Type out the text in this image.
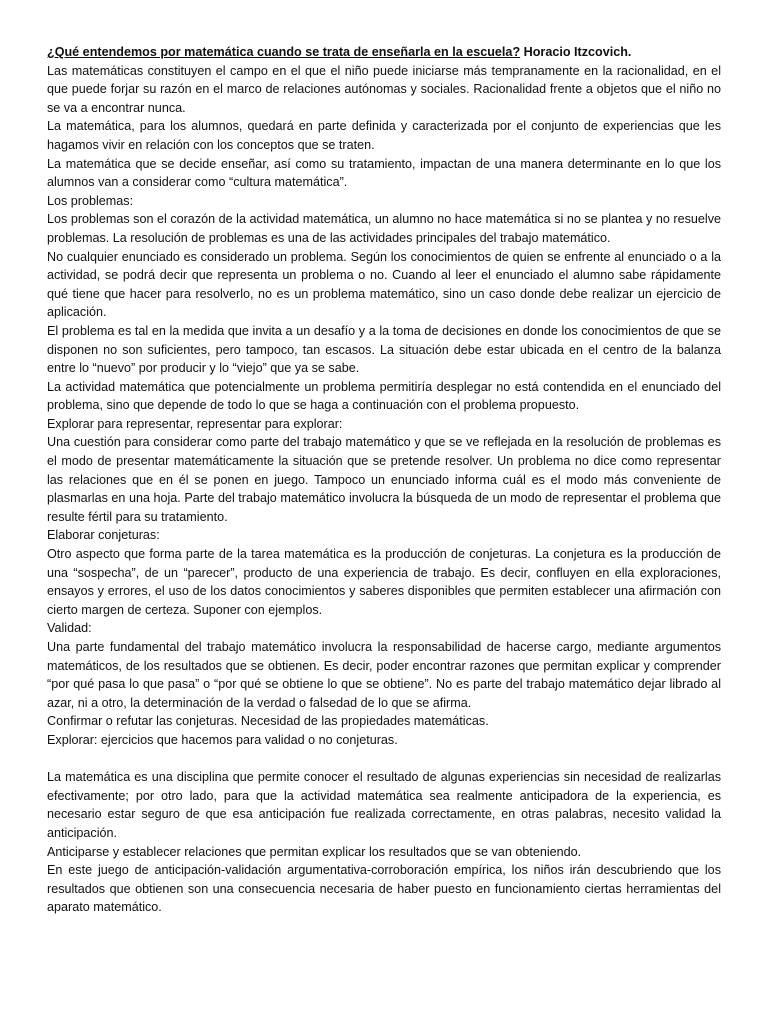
¿Qué entendemos por matemática cuando se trata de enseñarla en la escuela? Horacio Itzcovich.

Las matemáticas constituyen el campo en el que el niño puede iniciarse más tempranamente en la racionalidad, en el que puede forjar su razón en el marco de relaciones autónomas y sociales. Racionalidad frente a objetos que el niño no se va a encontrar nunca.

La matemática, para los alumnos, quedará en parte definida y caracterizada por el conjunto de experiencias que les hagamos vivir en relación con los conceptos que se traten.

La matemática que se decide enseñar, así como su tratamiento, impactan de una manera determinante en lo que los alumnos van a considerar como “cultura matemática”.

Los problemas:

Los problemas son el corazón de la actividad matemática, un alumno no hace matemática si no se plantea y no resuelve problemas. La resolución de problemas es una de las actividades principales del trabajo matemático.

No cualquier enunciado es considerado un problema. Según los conocimientos de quien se enfrente al enunciado o a la actividad, se podrá decir que representa un problema o no. Cuando al leer el enunciado el alumno sabe rápidamente qué tiene que hacer para resolverlo, no es un problema matemático, sino un caso donde debe realizar un ejercicio de aplicación.

El problema es tal en la medida que invita a un desafío y a la toma de decisiones en donde los conocimientos de que se disponen no son suficientes, pero tampoco, tan escasos. La situación debe estar ubicada en el centro de la balanza entre lo “nuevo” por producir y lo “viejo” que ya se sabe.

La actividad matemática que potencialmente un problema permitiría desplegar no está contendida en el enunciado del problema, sino que depende de todo lo que se haga a continuación con el problema propuesto.

Explorar para representar, representar para explorar:

Una cuestión para considerar como parte del trabajo matemático y que se ve reflejada en la resolución de problemas es el modo de presentar matemáticamente la situación que se pretende resolver. Un problema no dice como representar las relaciones que en él se ponen en juego. Tampoco un enunciado informa cuál es el modo más conveniente de plasmarlas en una hoja. Parte del trabajo matemático involucra la búsqueda de un modo de representar el problema que resulte fértil para su tratamiento.

Elaborar conjeturas:

Otro aspecto que forma parte de la tarea matemática es la producción de conjeturas. La conjetura es la producción de una “sospecha”, de un “parecer”, producto de una experiencia de trabajo. Es decir, confluyen en ella exploraciones, ensayos y errores, el uso de los datos conocimientos y saberes disponibles que permiten establecer una afirmación con cierto margen de certeza. Suponer con ejemplos.

Validad:

Una parte fundamental del trabajo matemático involucra la responsabilidad de hacerse cargo, mediante argumentos matemáticos, de los resultados que se obtienen. Es decir, poder encontrar razones que permitan explicar y comprender “por qué pasa lo que pasa” o “por qué se obtiene lo que se obtiene”. No es parte del trabajo matemático dejar librado al azar, ni a otro, la determinación de la verdad o falsedad de lo que se afirma.

Confirmar o refutar las conjeturas. Necesidad de las propiedades matemáticas.

Explorar: ejercicios que hacemos para validad o no conjeturas.

La matemática es una disciplina que permite conocer el resultado de algunas experiencias sin necesidad de realizarlas efectivamente; por otro lado, para que la actividad matemática sea realmente anticipadora de la experiencia, es necesario estar seguro de que esa anticipación fue realizada correctamente, en otras palabras, necesito validad la anticipación.

Anticiparse y establecer relaciones que permitan explicar los resultados que se van obteniendo.

En este juego de anticipación-validación argumentativa-corroboración empírica, los niños irán descubriendo que los resultados que obtienen son una consecuencia necesaria de haber puesto en funcionamiento ciertas herramientas del aparato matemático.
